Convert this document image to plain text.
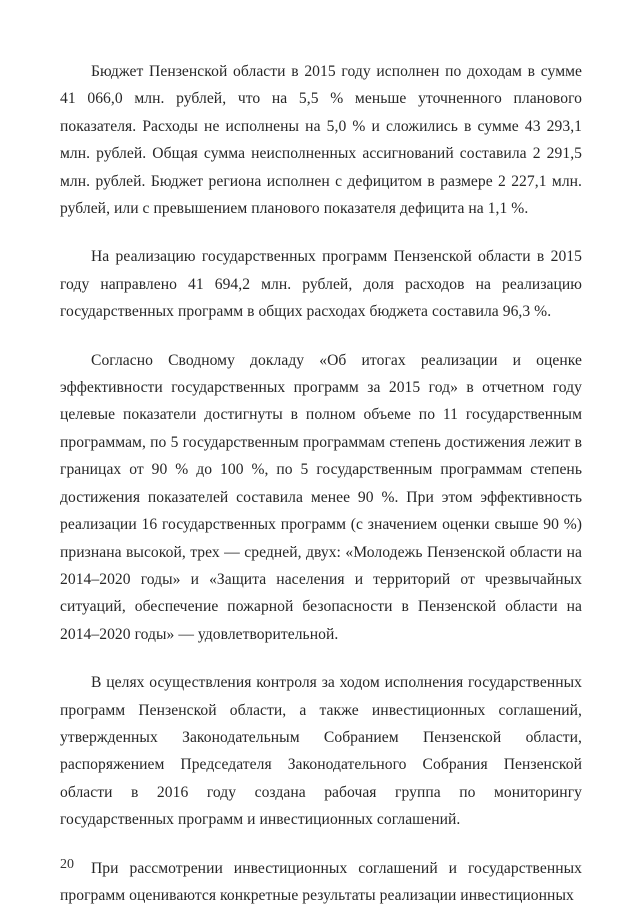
Бюджет Пензенской области в 2015 году исполнен по доходам в сумме 41 066,0 млн. рублей, что на 5,5 % меньше уточненного планового показателя. Расходы не исполнены на 5,0 % и сложились в сумме 43 293,1 млн. рублей. Общая сумма неисполненных ассигнований составила 2 291,5 млн. рублей. Бюджет региона исполнен с дефицитом в размере 2 227,1 млн. рублей, или с превышением планового показателя дефицита на 1,1 %.

На реализацию государственных программ Пензенской области в 2015 году направлено 41 694,2 млн. рублей, доля расходов на реализацию государственных программ в общих расходах бюджета составила 96,3 %.

Согласно Сводному докладу «Об итогах реализации и оценке эффективности государственных программ за 2015 год» в отчетном году целевые показатели достигнуты в полном объеме по 11 государственным программам, по 5 государственным программам степень достижения лежит в границах от 90 % до 100 %, по 5 государственным программам степень достижения показателей составила менее 90 %. При этом эффективность реализации 16 государственных программ (с значением оценки свыше 90 %) признана высокой, трех — средней, двух: «Молодежь Пензенской области на 2014–2020 годы» и «Защита населения и территорий от чрезвычайных ситуаций, обеспечение пожарной безопасности в Пензенской области на 2014–2020 годы» — удовлетворительной.

В целях осуществления контроля за ходом исполнения государственных программ Пензенской области, а также инвестиционных соглашений, утвержденных Законодательным Собранием Пензенской области, распоряжением Председателя Законодательного Собрания Пензенской области в 2016 году создана рабочая группа по мониторингу государственных программ и инвестиционных соглашений.

При рассмотрении инвестиционных соглашений и государственных программ оцениваются конкретные результаты реализации инвестиционных

20
